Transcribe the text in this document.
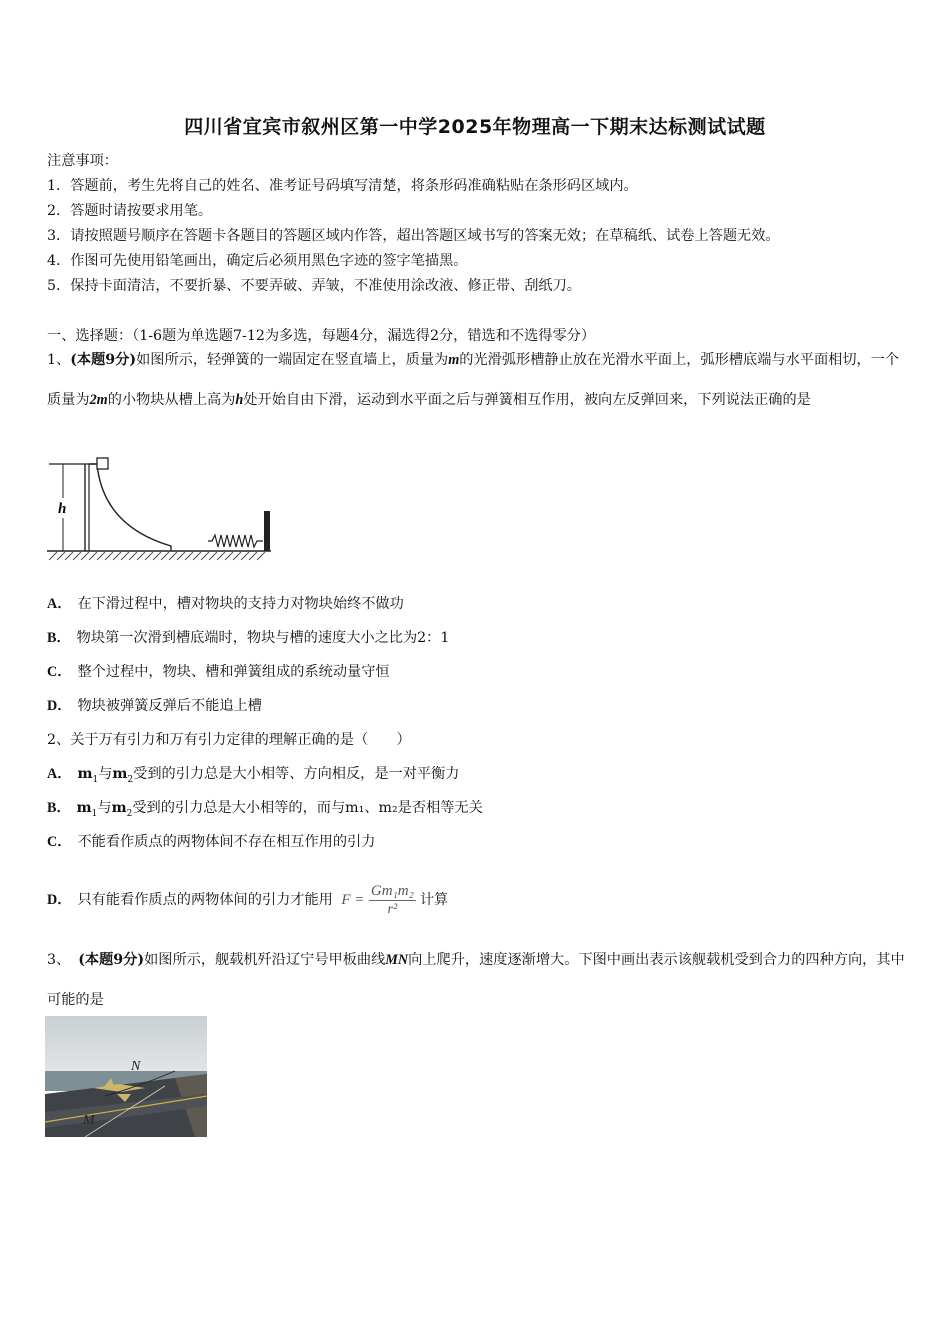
四川省宜宾市叙州区第一中学2025年物理高一下期末达标测试试题
注意事项：
1．答题前，考生先将自己的姓名、准考证号码填写清楚，将条形码准确粘贴在条形码区域内。
2．答题时请按要求用笔。
3．请按照题号顺序在答题卡各题目的答题区域内作答，超出答题区域书写的答案无效；在草稿纸、试卷上答题无效。
4．作图可先使用铅笔画出，确定后必须用黑色字迹的签字笔描黑。
5．保持卡面清洁，不要折暴、不要弄破、弄皱，不准使用涂改液、修正带、刮纸刀。
一、选择题：（1-6题为单选题7-12为多选，每题4分，漏选得2分，错选和不选得零分）
1、(本题9分)如图所示，轻弹簧的一端固定在竖直墙上，质量为m的光滑弧形槽静止放在光滑水平面上，弧形槽底端与水平面相切，一个质量为2m的小物块从槽上高为h处开始自由下滑，运动到水平面之后与弹簧相互作用，被向左反弹回来，下列说法正确的是
h
A． 在下滑过程中，槽对物块的支持力对物块始终不做功
B． 物块第一次滑到槽底端时，物块与槽的速度大小之比为2：1
C． 整个过程中，物块、槽和弹簧组成的系统动量守恒
D． 物块被弹簧反弹后不能追上槽
2、关于万有引力和万有引力定律的理解正确的是（　　）
A． $m_1$与$m_2$受到的引力总是大小相等、方向相反，是一对平衡力
B． $m_1$与$m_2$受到的引力总是大小相等的，而与m₁、m₂是否相等无关
C． 不能看作质点的两物体间不存在相互作用的引力
D． 只有能看作质点的两物体间的引力才能用 $F = \frac{\text{Gm₁m₂}}{\text{r²}}$ 计算
3、 (本题9分)如图所示，舰载机歼沿辽宁号甲板曲线MN向上爬升，速度逐渐增大。下图中画出表示该舰载机受到合力的四种方向，其中可能的是
N
M
